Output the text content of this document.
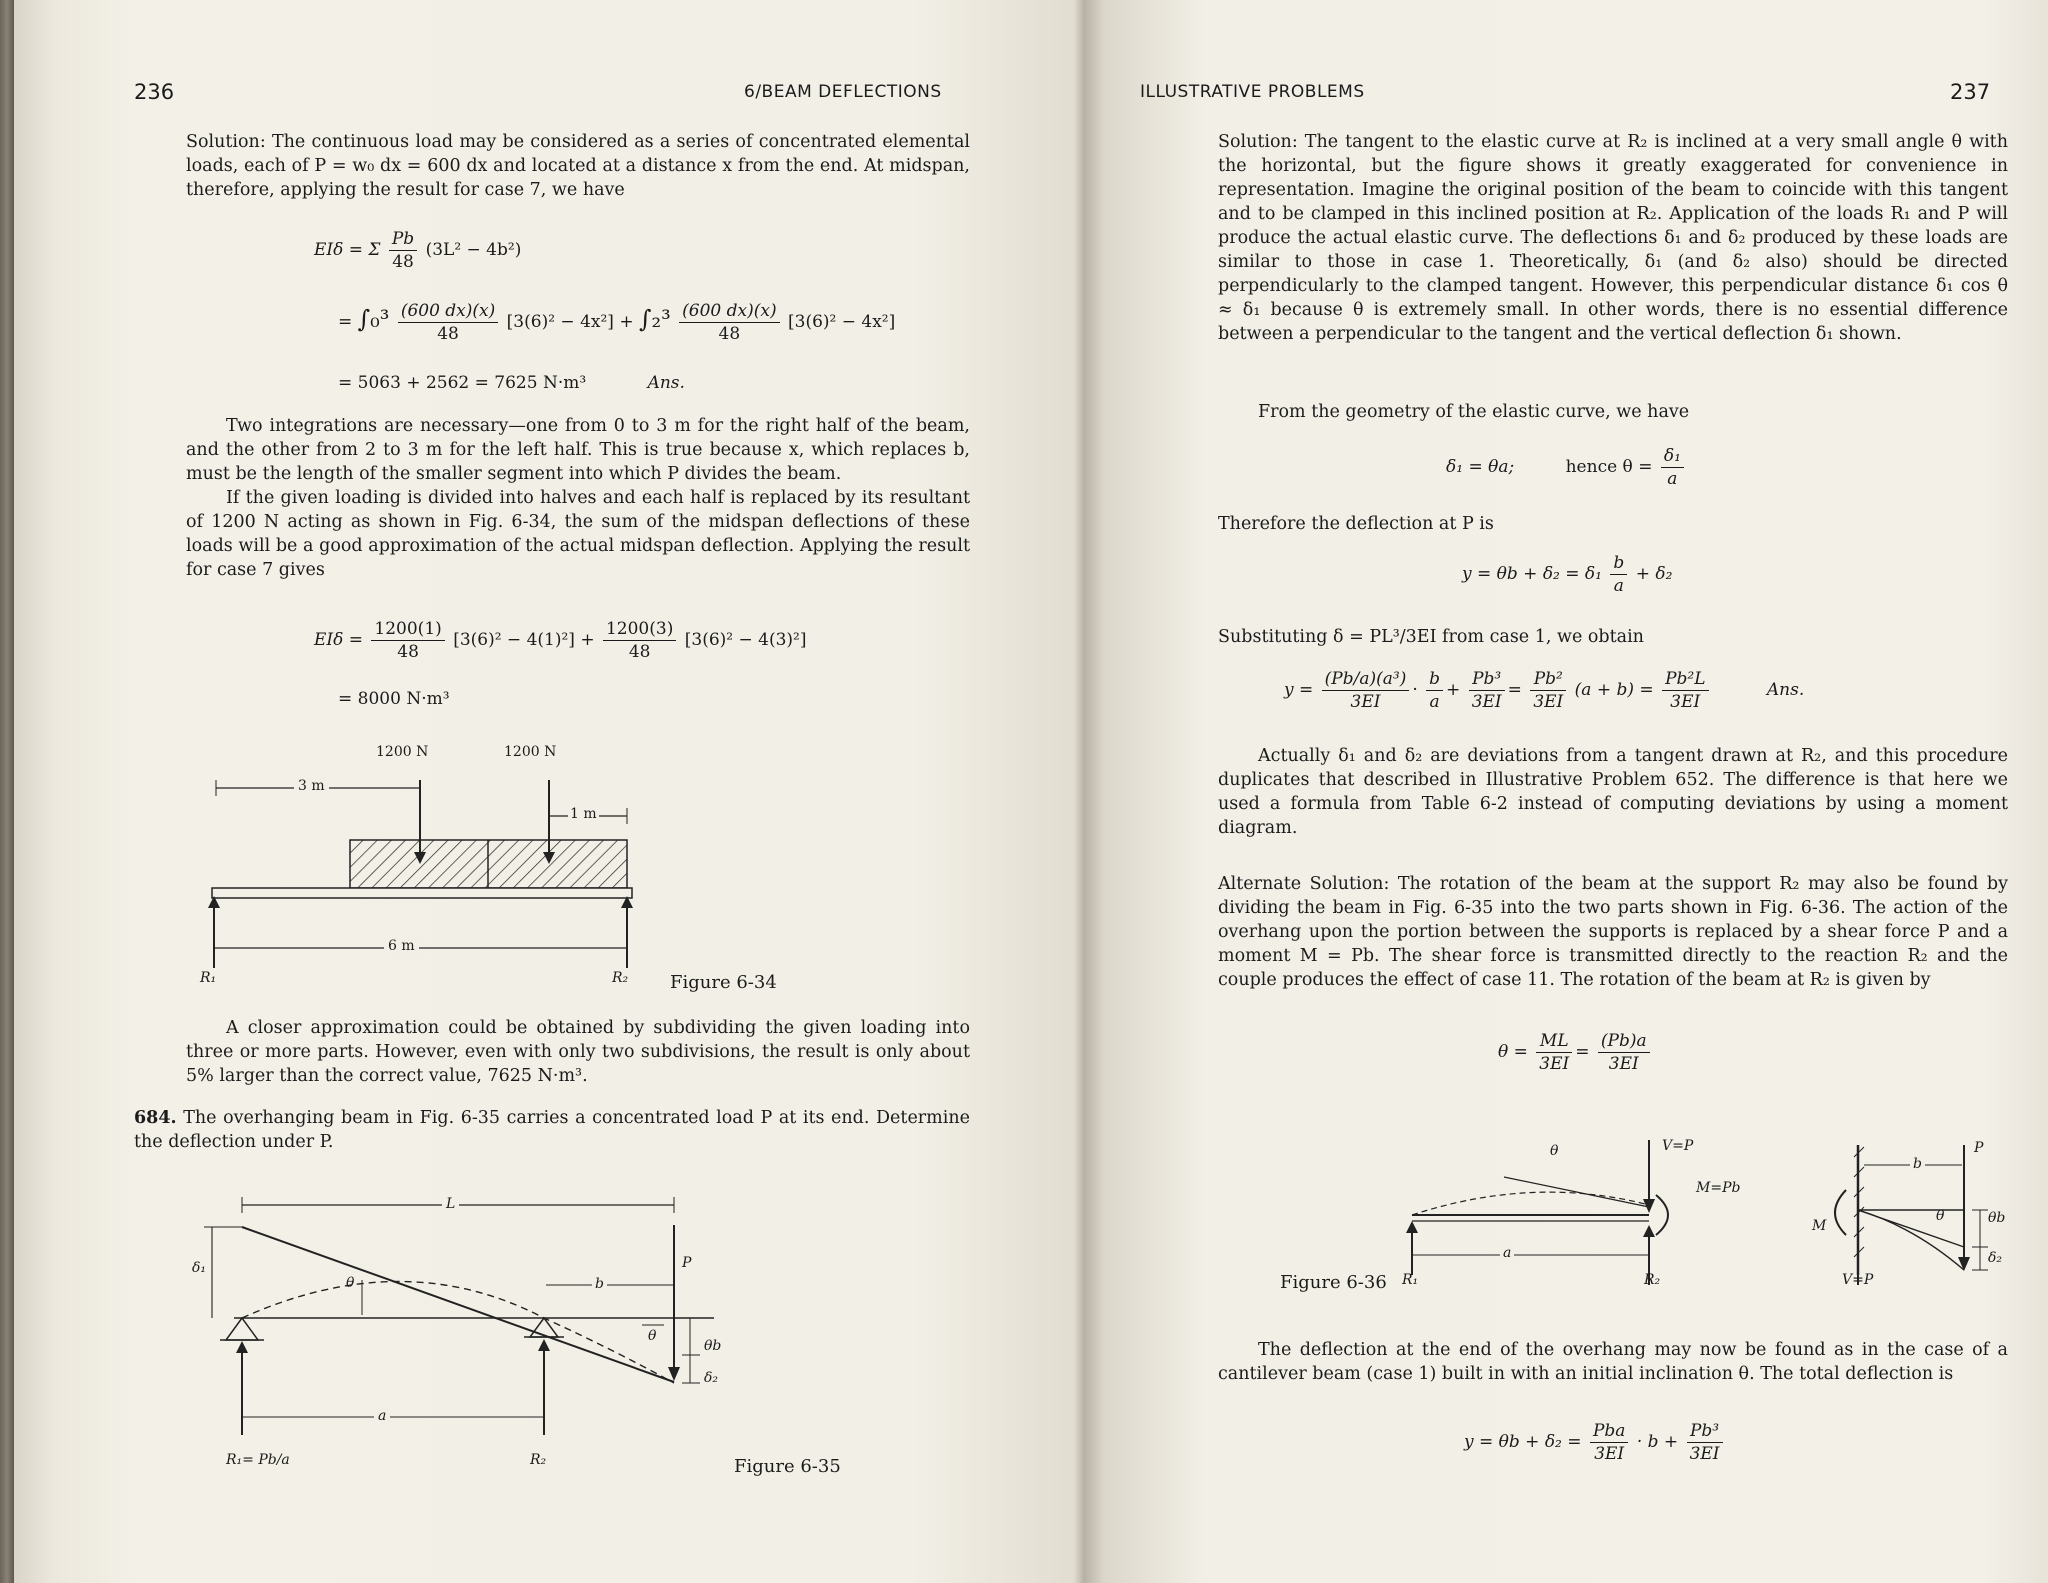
236	6/BEAM DEFLECTIONS
Solution: The continuous load may be considered as a series of concentrated elemental loads, each of P = w₀ dx = 600 dx and located at a distance x from the end. At midspan, therefore, applying the result for case 7, we have
EIδ = Σ $\frac{Pb}{48} (3L^2 - 4b^2)$
= $\int_0^3 \frac{(600 dx)(x)}{48} [3(6)^2 - 4x^2] + \int_2^3 \frac{(600 dx)(x)}{48} [3(6)^2 - 4x^2]$
= 5063 + 2562 = 7625 N·m³	Ans.
Two integrations are necessary—one from 0 to 3 m for the right half of the beam, and the other from 2 to 3 m for the left half. This is true because x, which replaces b, must be the length of the smaller segment into which P divides the beam.
If the given loading is divided into halves and each half is replaced by its resultant of 1200 N acting as shown in Fig. 6-34, the sum of the midspan deflections of these loads will be a good approximation of the actual midspan deflection. Applying the result for case 7 gives
$EI\delta = \frac{1200(1)}{48} [3(6)^2 - 4(1)^2] + \frac{1200(3)}{48} [3(6)^2 - 4(3)^2]$
= 8000 N·m³
1200 N	1200 N
3 m
1 m
6 m
R₁	R₂ Figure 6-34
A closer approximation could be obtained by subdividing the given loading into three or more parts. However, even with only two subdivisions, the result is only about 5% larger than the correct value, 7625 N·m³.
684. The overhanging beam in Fig. 6-35 carries a concentrated load P at its end. Determine the deflection under P.
L
δ₁
θ	b
P
θ
θb
δ₂
a
R₁= Pb/a	R₂	Figure 6-35
ILLUSTRATIVE PROBLEMS	237
Solution: The tangent to the elastic curve at R₂ is inclined at a very small angle θ with the horizontal, but the figure shows it greatly exaggerated for convenience in representation. Imagine the original position of the beam to coincide with this tangent and to be clamped in this inclined position at R₂. Application of the loads R₁ and P will produce the actual elastic curve. The deflections δ₁ and δ₂ produced by these loads are similar to those in case 1. Theoretically, δ₁ (and δ₂ also) should be directed perpendicularly to the clamped tangent. However, this perpendicular distance δ₁ cos θ ≈ δ₁ because θ is extremely small. In other words, there is no essential difference between a perpendicular to the tangent and the vertical deflection δ₁ shown.
From the geometry of the elastic curve, we have
δ₁ = θa;	hence $\theta = \frac{\text{δ₁}}{a}$
Therefore the deflection at P is
$y = \theta b + \delta_2 = \delta_1 \frac{b}{a} + \delta_2$
Substituting δ = PL³/3EI from case 1, we obtain
$y = \frac{\text{(Pb/a)(a³)}}{3EI} \cdot \frac{b}{a} + \frac{\text{Pb³}}{3EI} = \frac{\text{Pb²}}{3EI} (a + b) = \frac{\text{Pb²L}}{3EI}$	Ans.
Actually δ₁ and δ₂ are deviations from a tangent drawn at R₂, and this procedure duplicates that described in Illustrative Problem 652. The difference is that here we used a formula from Table 6-2 instead of computing deviations by using a moment diagram.
Alternate Solution: The rotation of the beam at the support R₂ may also be found by dividing the beam in Fig. 6-35 into the two parts shown in Fig. 6-36. The action of the overhang upon the portion between the supports is replaced by a shear force P and a moment M = Pb. The shear force is transmitted directly to the reaction R₂ and the couple produces the effect of case 11. The rotation of the beam at R₂ is given by
$\theta = \frac{ML}{3EI} = \frac{(Pb)a}{3EI}$
θ	V=P
M=Pb
a
R₁	R₂
b
P
M
θ	θb
δ₂
V=P
Figure 6-36
The deflection at the end of the overhang may now be found as in the case of a cantilever beam (case 1) built in with an initial inclination θ. The total deflection is
$y = \theta b + \delta_2 = \frac{\text{Pba}}{3EI} \cdot b + \frac{\text{Pb³}}{3EI}$
